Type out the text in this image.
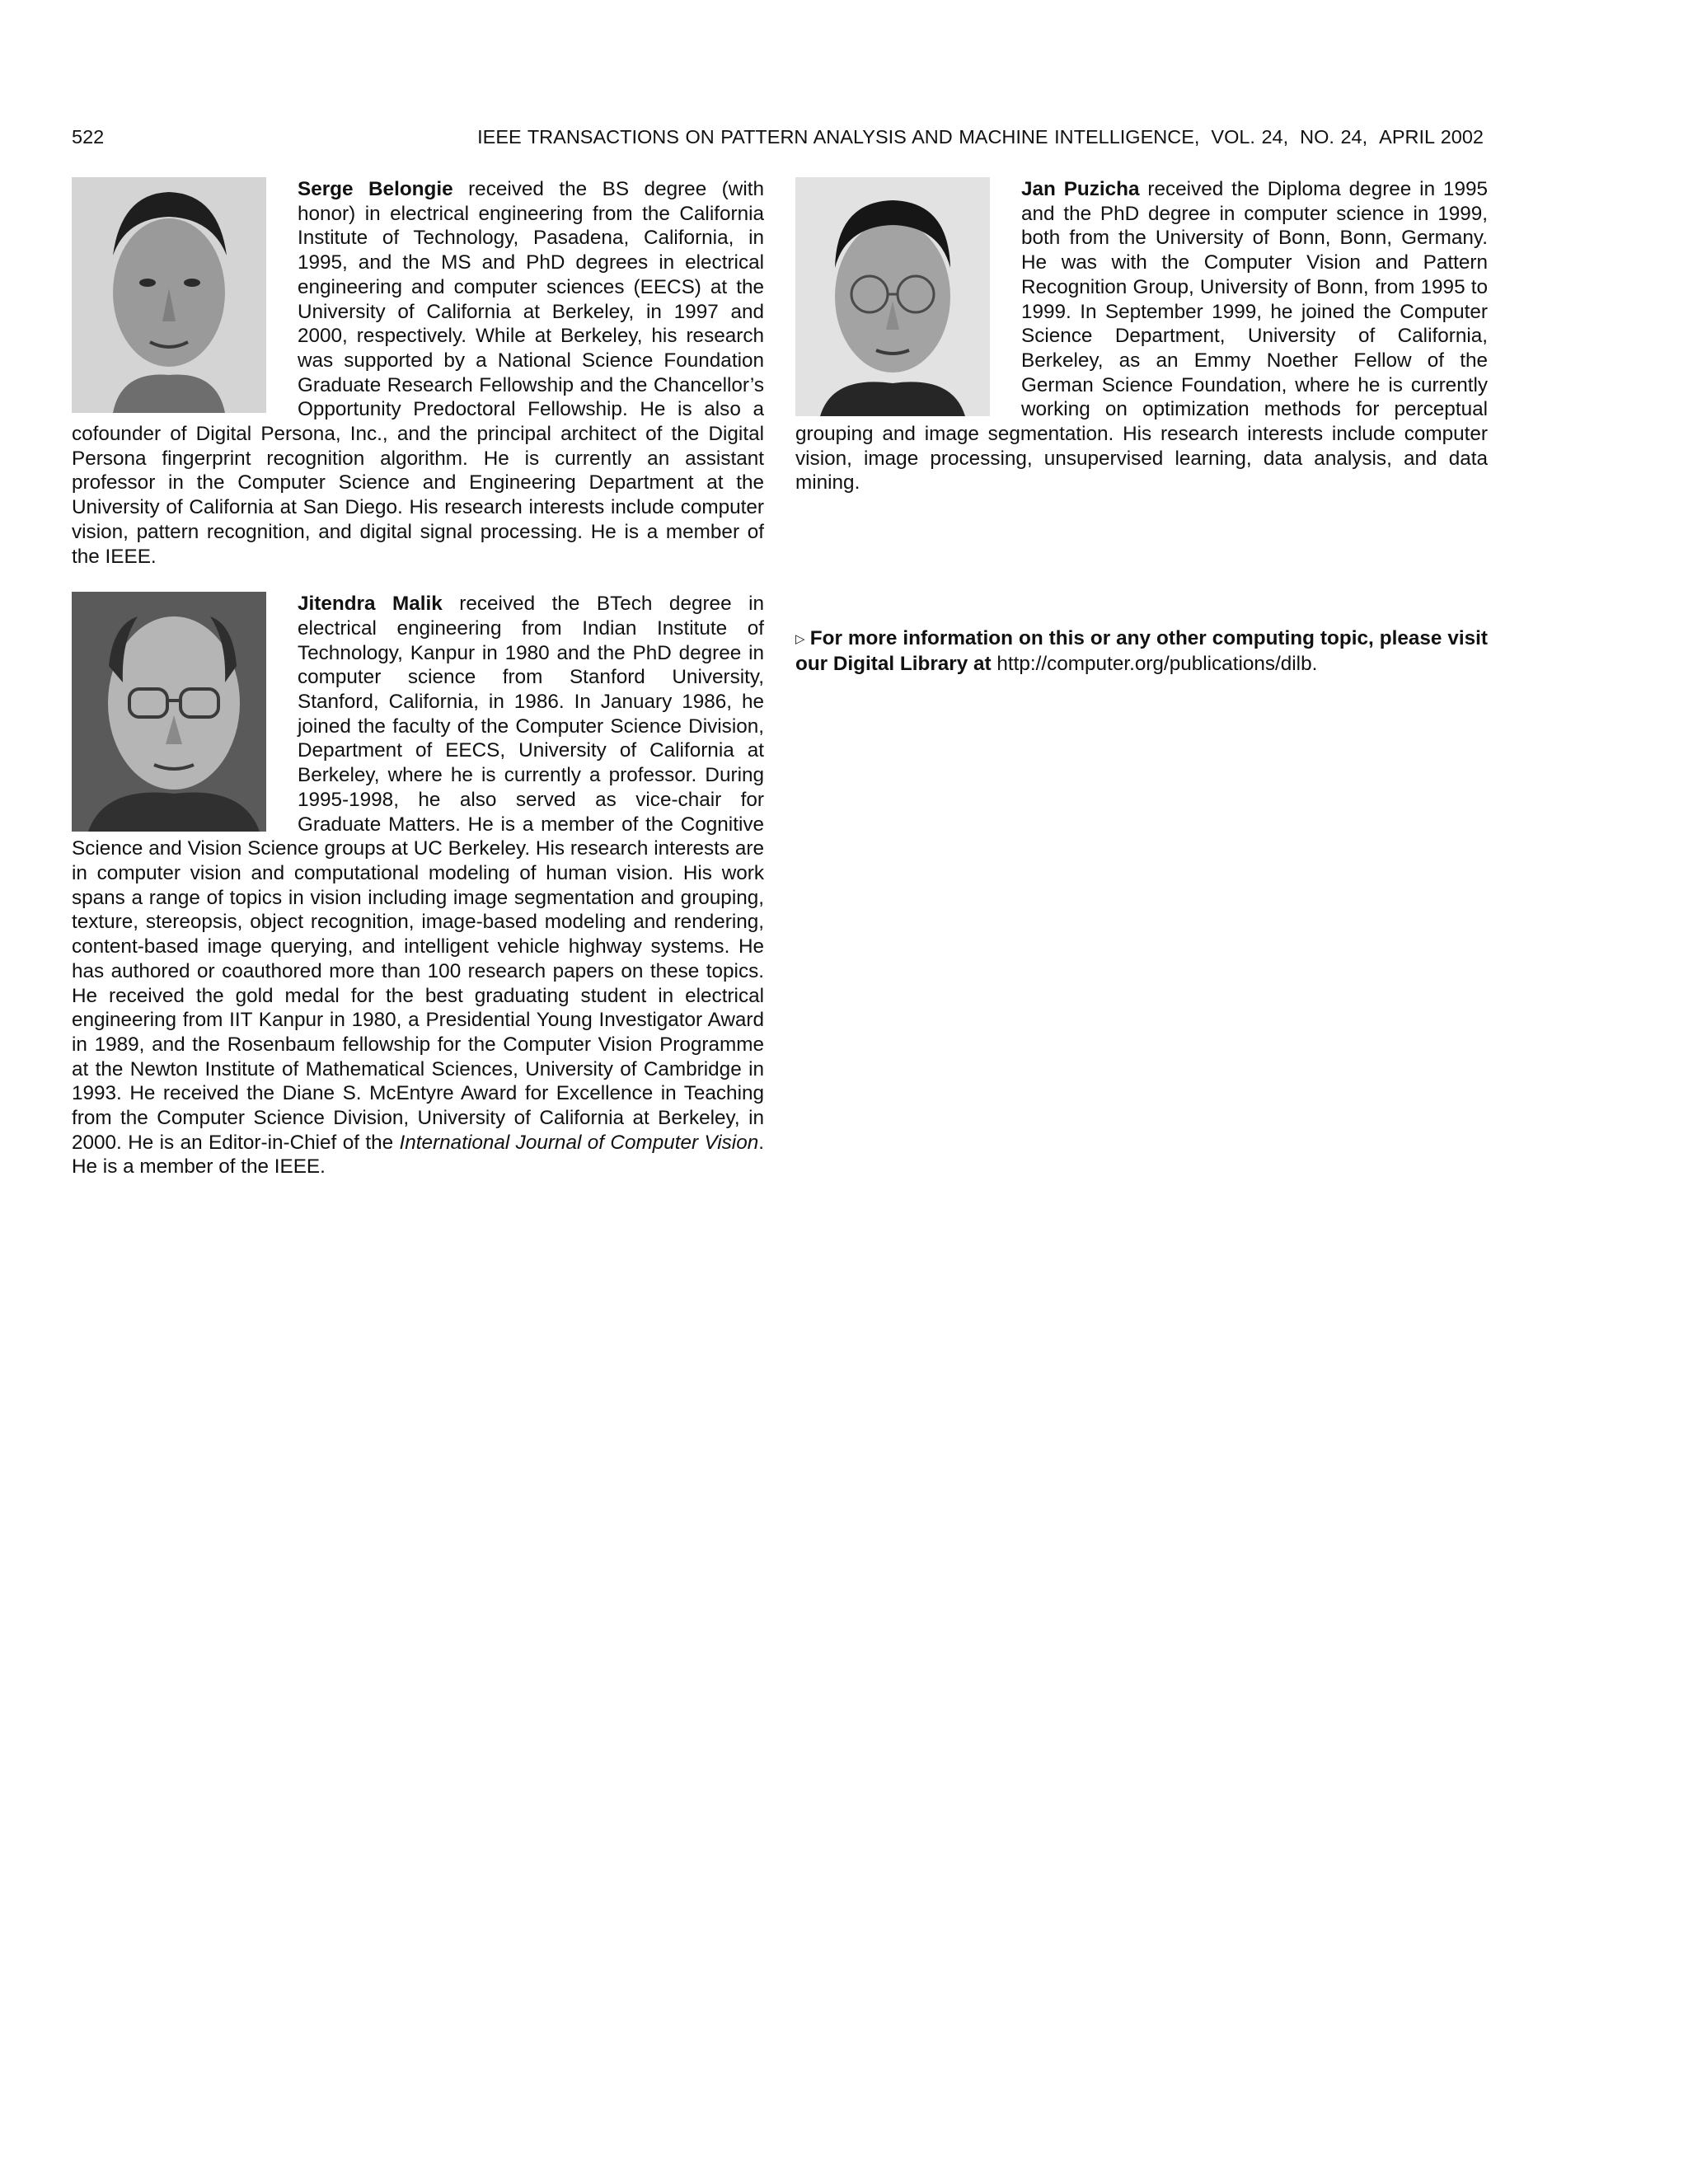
522	IEEE TRANSACTIONS ON PATTERN ANALYSIS AND MACHINE INTELLIGENCE, VOL. 24, NO. 24, APRIL 2002

Serge Belongie received the BS degree (with honor) in electrical engineering from the California Institute of Technology, Pasadena, California, in 1995, and the MS and PhD degrees in electrical engineering and computer sciences (EECS) at the University of California at Berkeley, in 1997 and 2000, respectively. While at Berkeley, his research was supported by a National Science Foundation Graduate Research Fellowship and the Chancellor’s Opportunity Predoctoral Fellowship. He is also a cofounder of Digital Persona, Inc., and the principal architect of the Digital Persona fingerprint recognition algorithm. He is currently an assistant professor in the Computer Science and Engineering Department at the University of California at San Diego. His research interests include computer vision, pattern recognition, and digital signal processing. He is a member of the IEEE.

Jitendra Malik received the BTech degree in electrical engineering from Indian Institute of Technology, Kanpur in 1980 and the PhD degree in computer science from Stanford University, Stanford, California, in 1986. In January 1986, he joined the faculty of the Computer Science Division, Department of EECS, University of California at Berkeley, where he is currently a professor. During 1995-1998, he also served as vice-chair for Graduate Matters. He is a member of the Cognitive Science and Vision Science groups at UC Berkeley. His research interests are in computer vision and computational modeling of human vision. His work spans a range of topics in vision including image segmentation and grouping, texture, stereopsis, object recognition, image-based modeling and rendering, content-based image querying, and intelligent vehicle highway systems. He has authored or coauthored more than 100 research papers on these topics. He received the gold medal for the best graduating student in electrical engineering from IIT Kanpur in 1980, a Presidential Young Investigator Award in 1989, and the Rosenbaum fellowship for the Computer Vision Programme at the Newton Institute of Mathematical Sciences, University of Cambridge in 1993. He received the Diane S. McEntyre Award for Excellence in Teaching from the Computer Science Division, University of California at Berkeley, in 2000. He is an Editor-in-Chief of the International Journal of Computer Vision. He is a member of the IEEE.

Jan Puzicha received the Diploma degree in 1995 and the PhD degree in computer science in 1999, both from the University of Bonn, Bonn, Germany. He was with the Computer Vision and Pattern Recognition Group, University of Bonn, from 1995 to 1999. In September 1999, he joined the Computer Science Department, University of California, Berkeley, as an Emmy Noether Fellow of the German Science Foundation, where he is currently working on optimization methods for perceptual grouping and image segmentation. His research interests include computer vision, image processing, unsupervised learning, data analysis, and data mining.

▷ For more information on this or any other computing topic, please visit our Digital Library at http://computer.org/publications/dilb.
